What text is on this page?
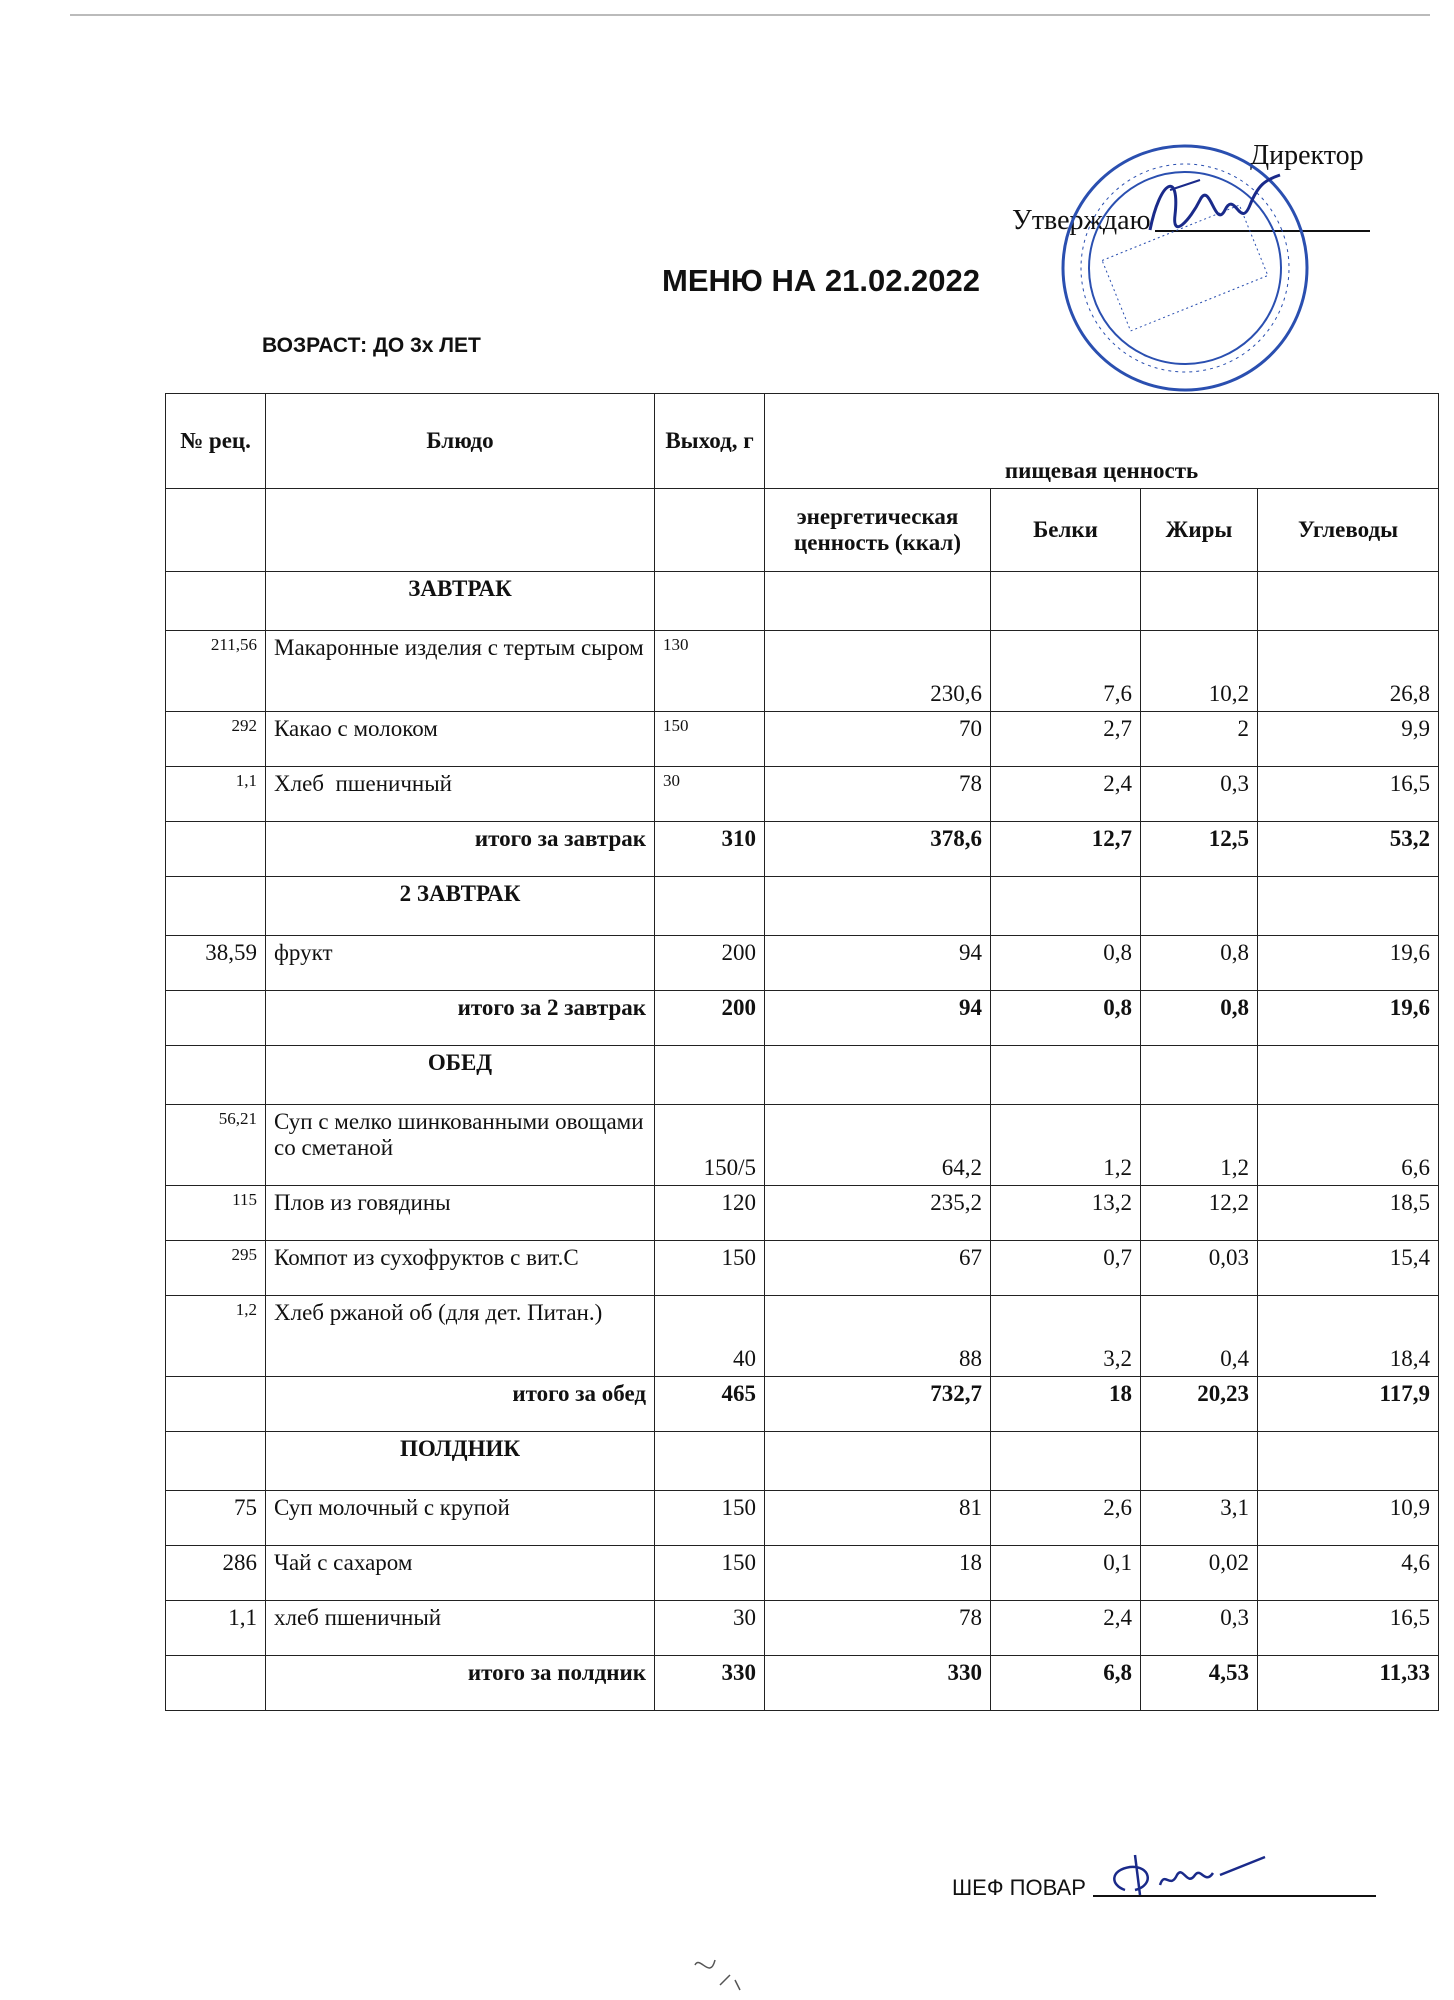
Директор
Утверждаю
МЕНЮ НА 21.02.2022
ВОЗРАСТ: ДО 3х ЛЕТ
№ рец.	Блюдо	Выход, г	пищевая ценность			
			энергетическая ценность (ккал)	Белки	Жиры	Углеводы
	ЗАВТРАК					
211,56	Макаронные изделия с тертым сыром	130	230,6	7,6	10,2	26,8
292	Какао с молоком	150	70	2,7	2	9,9
1,1	Хлеб  пшеничный	30	78	2,4	0,3	16,5
	итого за завтрак	310	378,6	12,7	12,5	53,2
	2 ЗАВТРАК					
38,59	фрукт	200	94	0,8	0,8	19,6
	итого за 2 завтрак	200	94	0,8	0,8	19,6
	ОБЕД					
56,21	Суп с мелко шинкованными овощами со сметаной	150/5	64,2	1,2	1,2	6,6
115	Плов из говядины	120	235,2	13,2	12,2	18,5
295	Компот из сухофруктов с вит.С	150	67	0,7	0,03	15,4
1,2	Хлеб ржаной об (для дет. Питан.)	40	88	3,2	0,4	18,4
	итого за обед	465	732,7	18	20,23	117,9
	ПОЛДНИК					
75	Суп молочный с крупой	150	81	2,6	3,1	10,9
286	Чай с сахаром	150	18	0,1	0,02	4,6
1,1	хлеб пшеничный	30	78	2,4	0,3	16,5
	итого за полдник	330	330	6,8	4,53	11,33
ШЕФ ПОВАР
